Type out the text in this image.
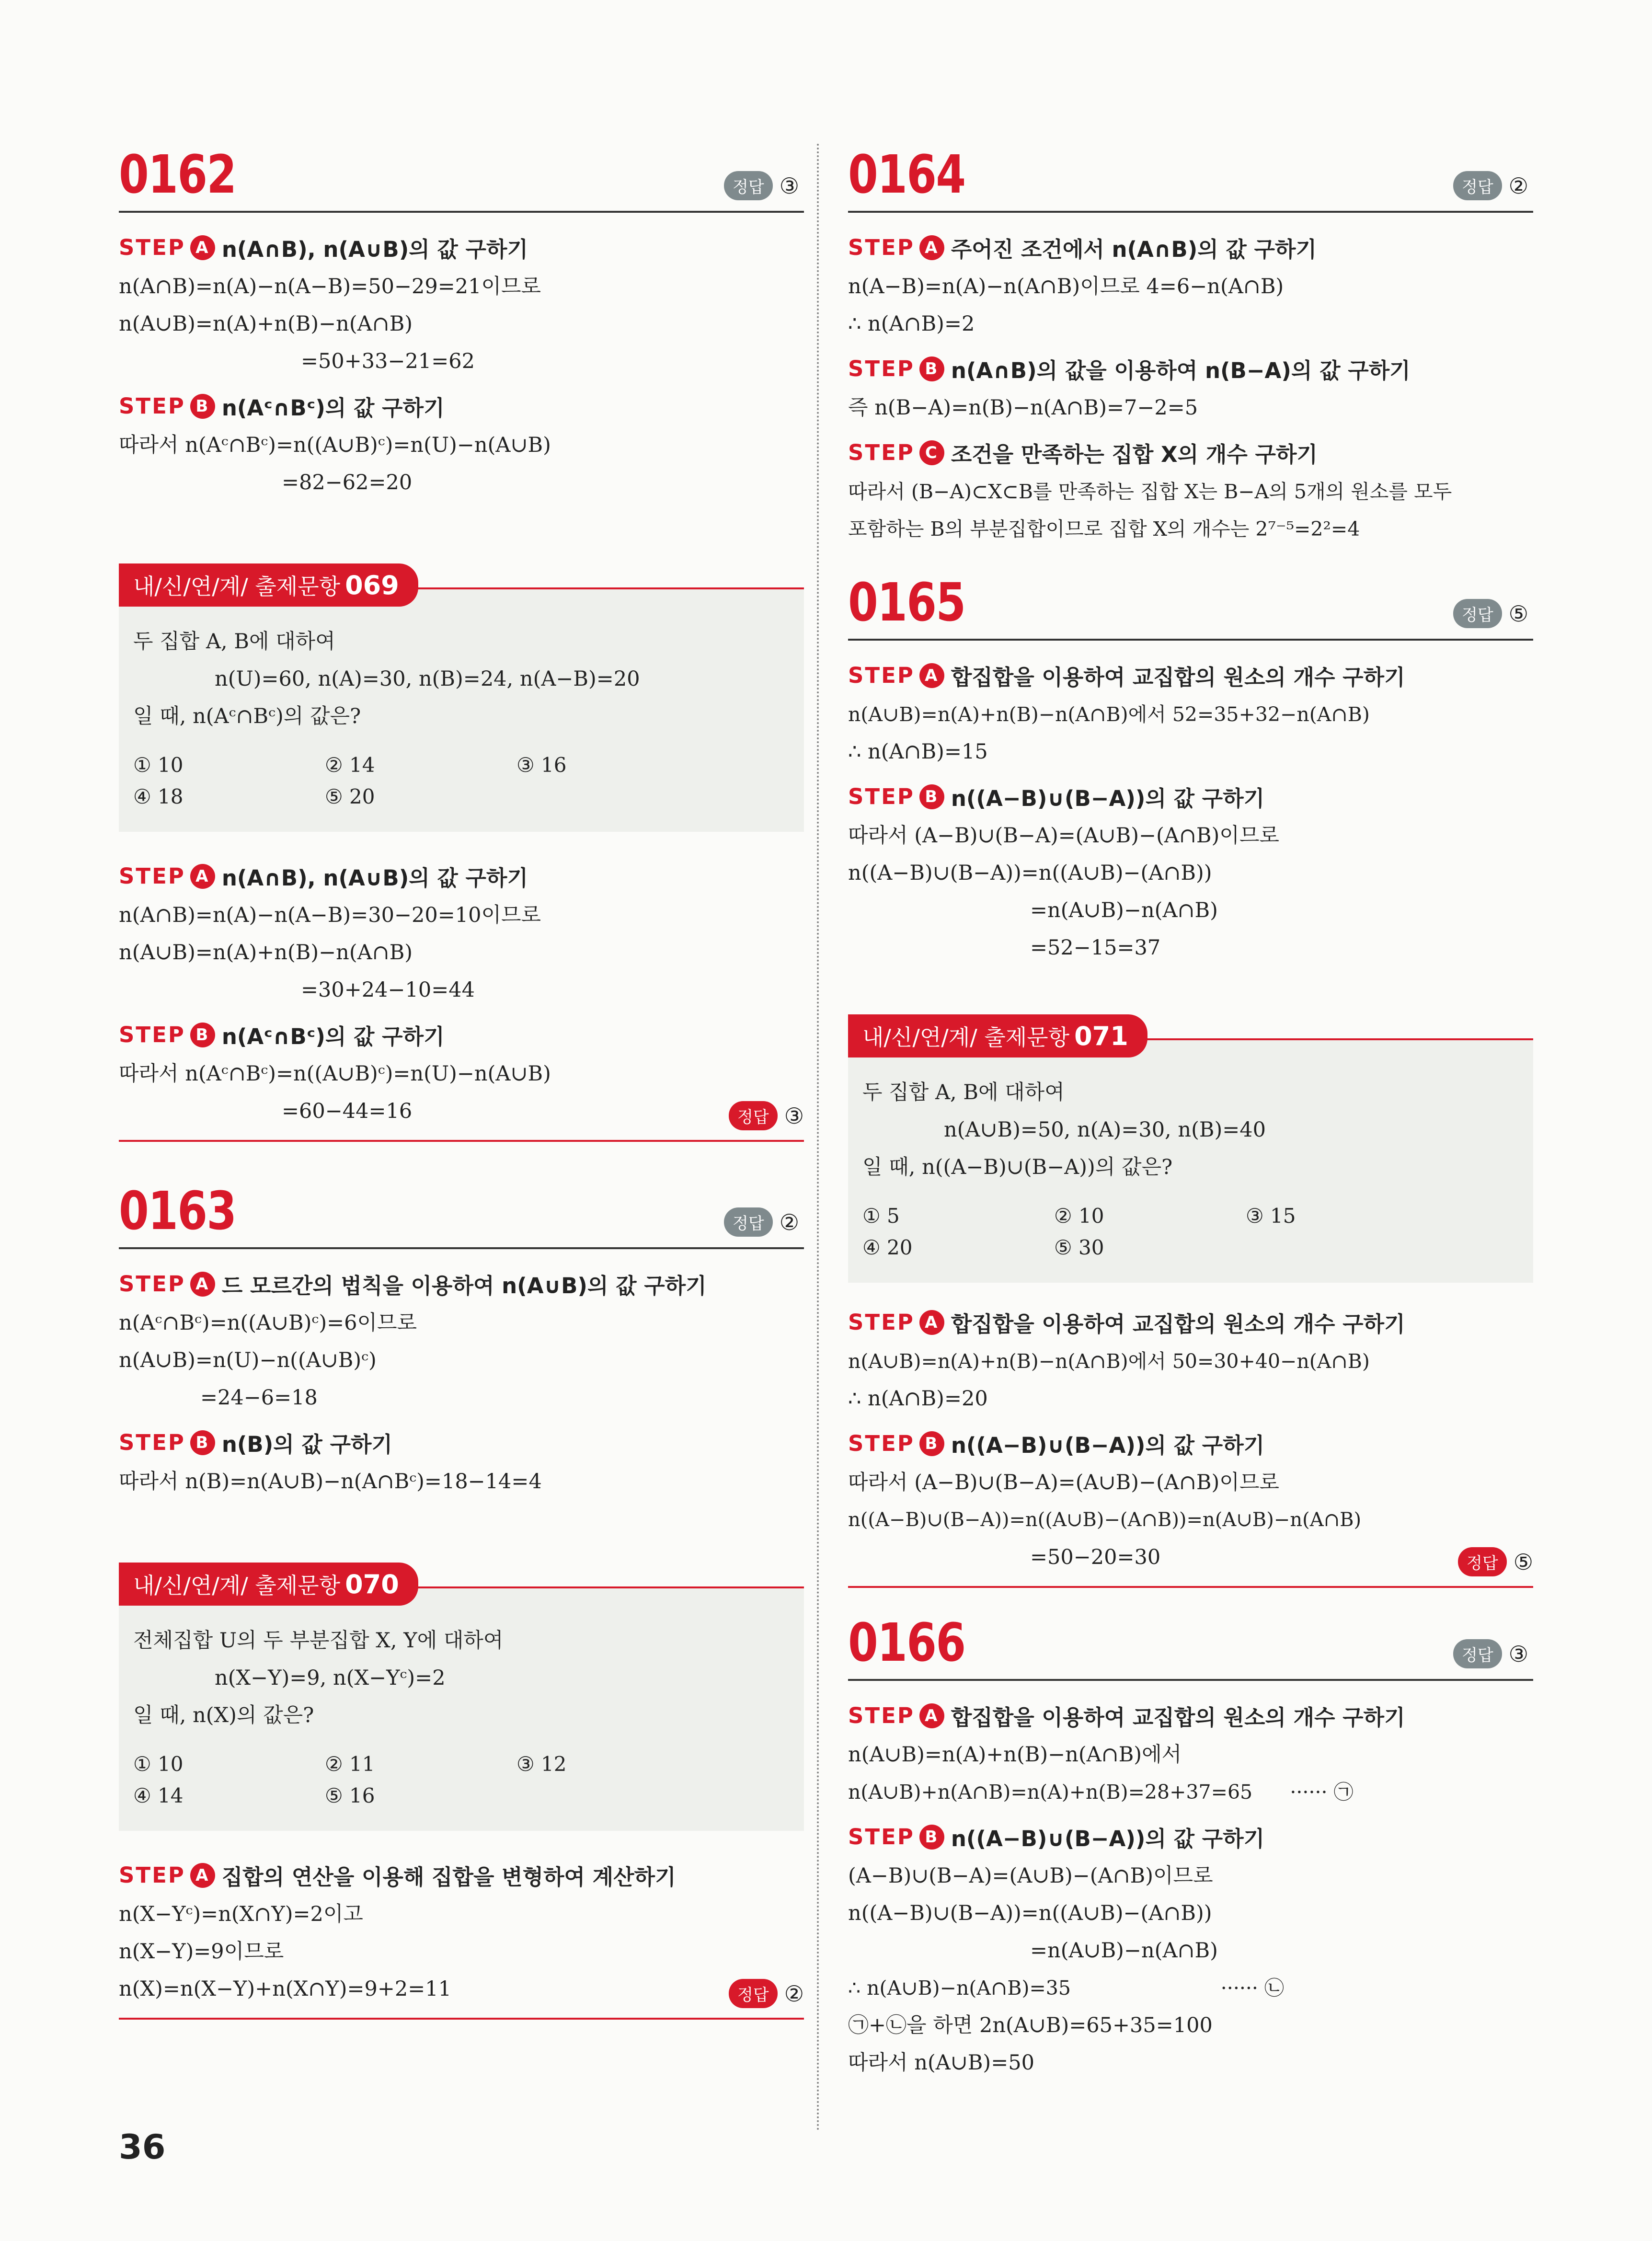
0162	정답 ③
STEP A n(A∩B), n(A∪B)의 값 구하기
n(A∩B)=n(A)−n(A−B)=50−29=21이므로
n(A∪B)=n(A)+n(B)−n(A∩B)
=50+33−21=62
STEP B n(Aᶜ∩Bᶜ)의 값 구하기
따라서 n(Aᶜ∩Bᶜ)=n((A∪B)ᶜ)=n(U)−n(A∪B)
=82−62=20
내/신/연/계/ 출제문항 069
두 집합 A, B에 대하여
n(U)=60, n(A)=30, n(B)=24, n(A−B)=20
일 때, n(Aᶜ∩Bᶜ)의 값은?
① 10	② 14	③ 16
④ 18	⑤ 20
STEP A n(A∩B), n(A∪B)의 값 구하기
n(A∩B)=n(A)−n(A−B)=30−20=10이므로
n(A∪B)=n(A)+n(B)−n(A∩B)
=30+24−10=44
STEP B n(Aᶜ∩Bᶜ)의 값 구하기
따라서 n(Aᶜ∩Bᶜ)=n((A∪B)ᶜ)=n(U)−n(A∪B)
=60−44=16	정답 ③
0163	정답 ②
STEP A 드 모르간의 법칙을 이용하여 n(A∪B)의 값 구하기
n(Aᶜ∩Bᶜ)=n((A∪B)ᶜ)=6이므로
n(A∪B)=n(U)−n((A∪B)ᶜ)
=24−6=18
STEP B n(B)의 값 구하기
따라서 n(B)=n(A∪B)−n(A∩Bᶜ)=18−14=4
내/신/연/계/ 출제문항 070
전체집합 U의 두 부분집합 X, Y에 대하여
n(X−Y)=9, n(X−Yᶜ)=2
일 때, n(X)의 값은?
① 10	② 11	③ 12
④ 14	⑤ 16
STEP A 집합의 연산을 이용해 집합을 변형하여 계산하기
n(X−Yᶜ)=n(X∩Y)=2이고
n(X−Y)=9이므로
n(X)=n(X−Y)+n(X∩Y)=9+2=11	정답 ②
0164	정답 ②
STEP A 주어진 조건에서 n(A∩B)의 값 구하기
n(A−B)=n(A)−n(A∩B)이므로 4=6−n(A∩B)
∴ n(A∩B)=2
STEP B n(A∩B)의 값을 이용하여 n(B−A)의 값 구하기
즉 n(B−A)=n(B)−n(A∩B)=7−2=5
STEP C 조건을 만족하는 집합 X의 개수 구하기
따라서 (B−A)⊂X⊂B를 만족하는 집합 X는 B−A의 5개의 원소를 모두
포함하는 B의 부분집합이므로 집합 X의 개수는 2⁷⁻⁵=2²=4
0165	정답 ⑤
STEP A 합집합을 이용하여 교집합의 원소의 개수 구하기
n(A∪B)=n(A)+n(B)−n(A∩B)에서 52=35+32−n(A∩B)
∴ n(A∩B)=15
STEP B n((A−B)∪(B−A))의 값 구하기
따라서 (A−B)∪(B−A)=(A∪B)−(A∩B)이므로
n((A−B)∪(B−A))=n((A∪B)−(A∩B))
=n(A∪B)−n(A∩B)
=52−15=37
내/신/연/계/ 출제문항 071
두 집합 A, B에 대하여
n(A∪B)=50, n(A)=30, n(B)=40
일 때, n((A−B)∪(B−A))의 값은?
① 5	② 10	③ 15
④ 20	⑤ 30
STEP A 합집합을 이용하여 교집합의 원소의 개수 구하기
n(A∪B)=n(A)+n(B)−n(A∩B)에서 50=30+40−n(A∩B)
∴ n(A∩B)=20
STEP B n((A−B)∪(B−A))의 값 구하기
따라서 (A−B)∪(B−A)=(A∪B)−(A∩B)이므로
n((A−B)∪(B−A))=n((A∪B)−(A∩B))=n(A∪B)−n(A∩B)
=50−20=30	정답 ⑤
0166	정답 ③
STEP A 합집합을 이용하여 교집합의 원소의 개수 구하기
n(A∪B)=n(A)+n(B)−n(A∩B)에서
n(A∪B)+n(A∩B)=n(A)+n(B)=28+37=65      ······ ㉠
STEP B n((A−B)∪(B−A))의 값 구하기
(A−B)∪(B−A)=(A∪B)−(A∩B)이므로
n((A−B)∪(B−A))=n((A∪B)−(A∩B))
=n(A∪B)−n(A∩B)
∴ n(A∪B)−n(A∩B)=35                        ······ ㉡
㉠+㉡을 하면 2n(A∪B)=65+35=100
따라서 n(A∪B)=50
36
